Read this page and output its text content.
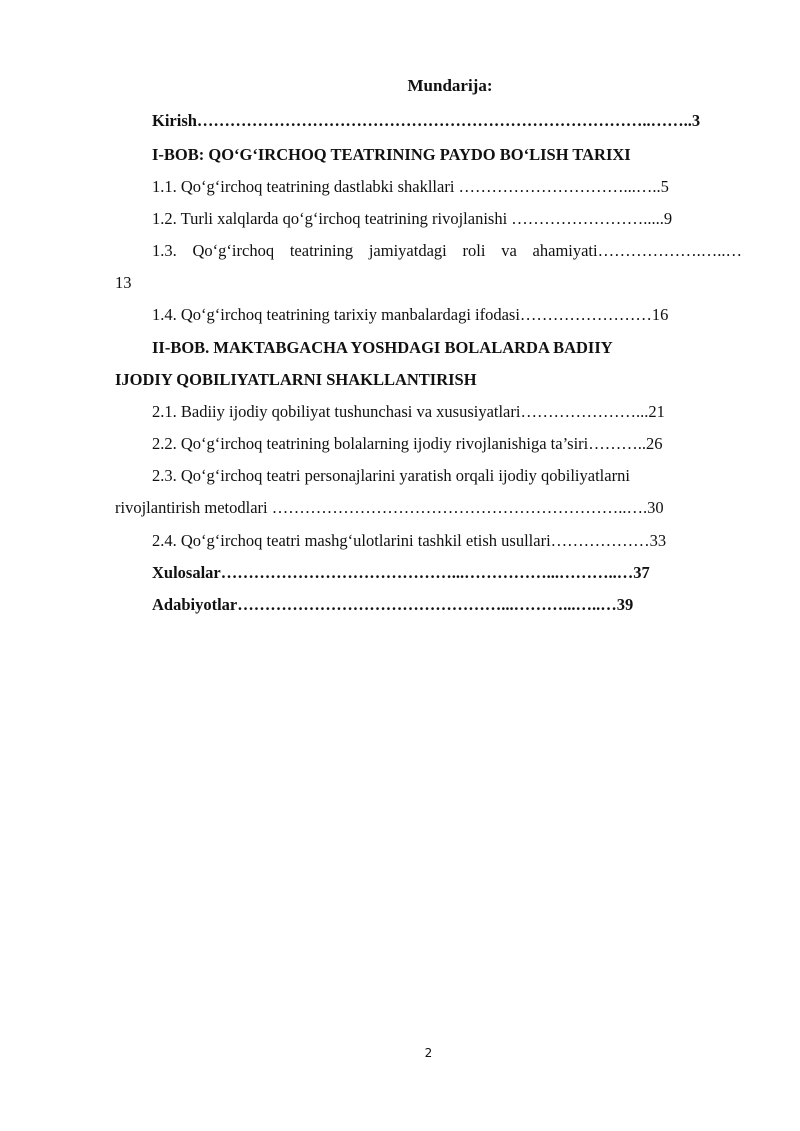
Mundarija:
Kirish………………………………………………………………………..……..3
I-BOB: QO‘G‘IRCHOQ TEATRINING PAYDO BO‘LISH TARIXI
1.1. Qo‘g‘irchoq teatrining dastlabki shakllari …………………………...…..5
1.2. Turli xalqlarda qo‘g‘irchoq teatrining rivojlanishi …………………….....9
1.3. Qo‘g‘irchoq teatrining jamiyatdagi roli va ahamiyati……………….…..…
13
1.4. Qo‘g‘irchoq teatrining tarixiy manbalardagi ifodasi……………………16
II-BOB. MAKTABGACHA YOSHDAGI BOLALARDA BADIIY
IJODIY QOBILIYATLARNI SHAKLLANTIRISH
2.1. Badiiy ijodiy qobiliyat tushunchasi va xususiyatlari…………………...21
2.2. Qo‘g‘irchoq teatrining bolalarning ijodiy rivojlanishiga ta’siri………..26
2.3. Qo‘g‘irchoq teatri personajlarini yaratish orqali ijodiy qobiliyatlarni
rivojlantirish metodlari ………………………………………………………..….30
2.4. Qo‘g‘irchoq teatri mashg‘ulotlarini tashkil etish usullari………………33
Xulosalar……………………………………...……………...………..…37
Adabiyotlar…………………………………………...………...…..…39
2
